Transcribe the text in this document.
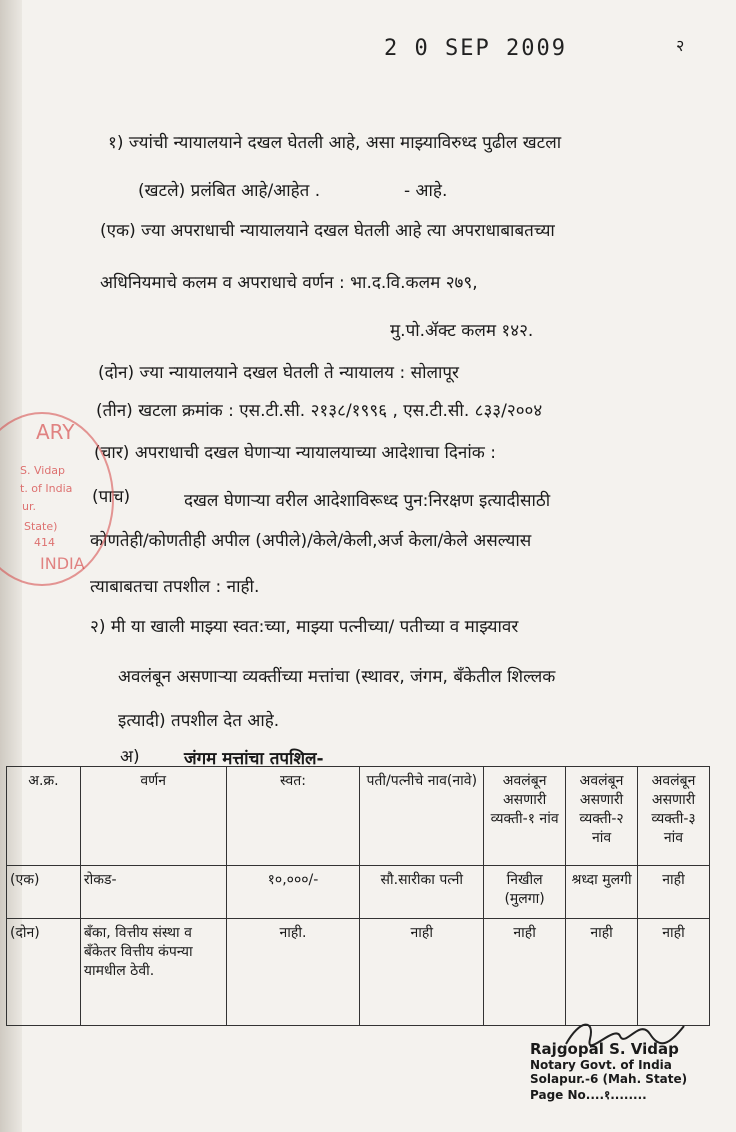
2 0 SEP 2009	२
१) ज्यांची न्यायालयाने दखल घेतली आहे, असा माझ्याविरुध्द पुढील खटला
(खटले) प्रलंबित आहे/आहेत .	- आहे.
(एक) ज्या अपराधाची न्यायालयाने दखल घेतली आहे त्या अपराधाबाबतच्या
अधिनियमाचे कलम व अपराधाचे वर्णन : भा.द.वि.कलम २७९,
मु.पो.ॲक्ट कलम १४२.
(दोन) ज्या न्यायालयाने दखल घेतली ते न्यायालय : सोलापूर
(तीन) खटला क्रमांक : एस.टी.सी. २१३८/१९९६ , एस.टी.सी. ८३३/२००४
(चार) अपराधाची दखल घेणाऱ्या न्यायालयाच्या आदेशाचा दिनांक :
(पाच)	दखल घेणाऱ्या वरील आदेशाविरूध्द पुन:निरक्षण इत्यादीसाठी
कोणतेही/कोणतीही अपील (अपीले)/केले/केली,अर्ज केला/केले असल्यास
त्याबाबतचा तपशील : नाही.
२) मी या खाली माझ्या स्वत:च्या, माझ्या पत्नीच्या/ पतीच्या व माझ्यावर
अवलंबून असणाऱ्या व्यक्तींच्या मत्तांचा (स्थावर, जंगम, बँकेतील शिल्लक
इत्यादी) तपशील देत आहे.
अ)	जंगम मत्तांचा तपशिल-
ARY
S. Vidap
t. of India
ur.
State)
414
INDIA
अ.क्र.	वर्णन	स्वत:	पती/पत्नीचे नाव(नावे)	अवलंबून असणारी व्यक्ती-१ नांव	अवलंबून असणारी व्यक्ती-२ नांव	अवलंबून असणारी व्यक्ती-३ नांव
(एक)	रोकड-	१०,०००/-	सौ.सारीका पत्नी	निखील (मुलगा)	श्रध्दा मुलगी	नाही
(दोन)	बँका, वित्तीय संस्था व बँकेतर वित्तीय कंपन्या यामधील ठेवी.	नाही.	नाही	नाही	नाही	नाही
Rajgopal S. Vidap
Notary Govt. of India
Solapur.-6 (Mah. State)
Page No....१........
